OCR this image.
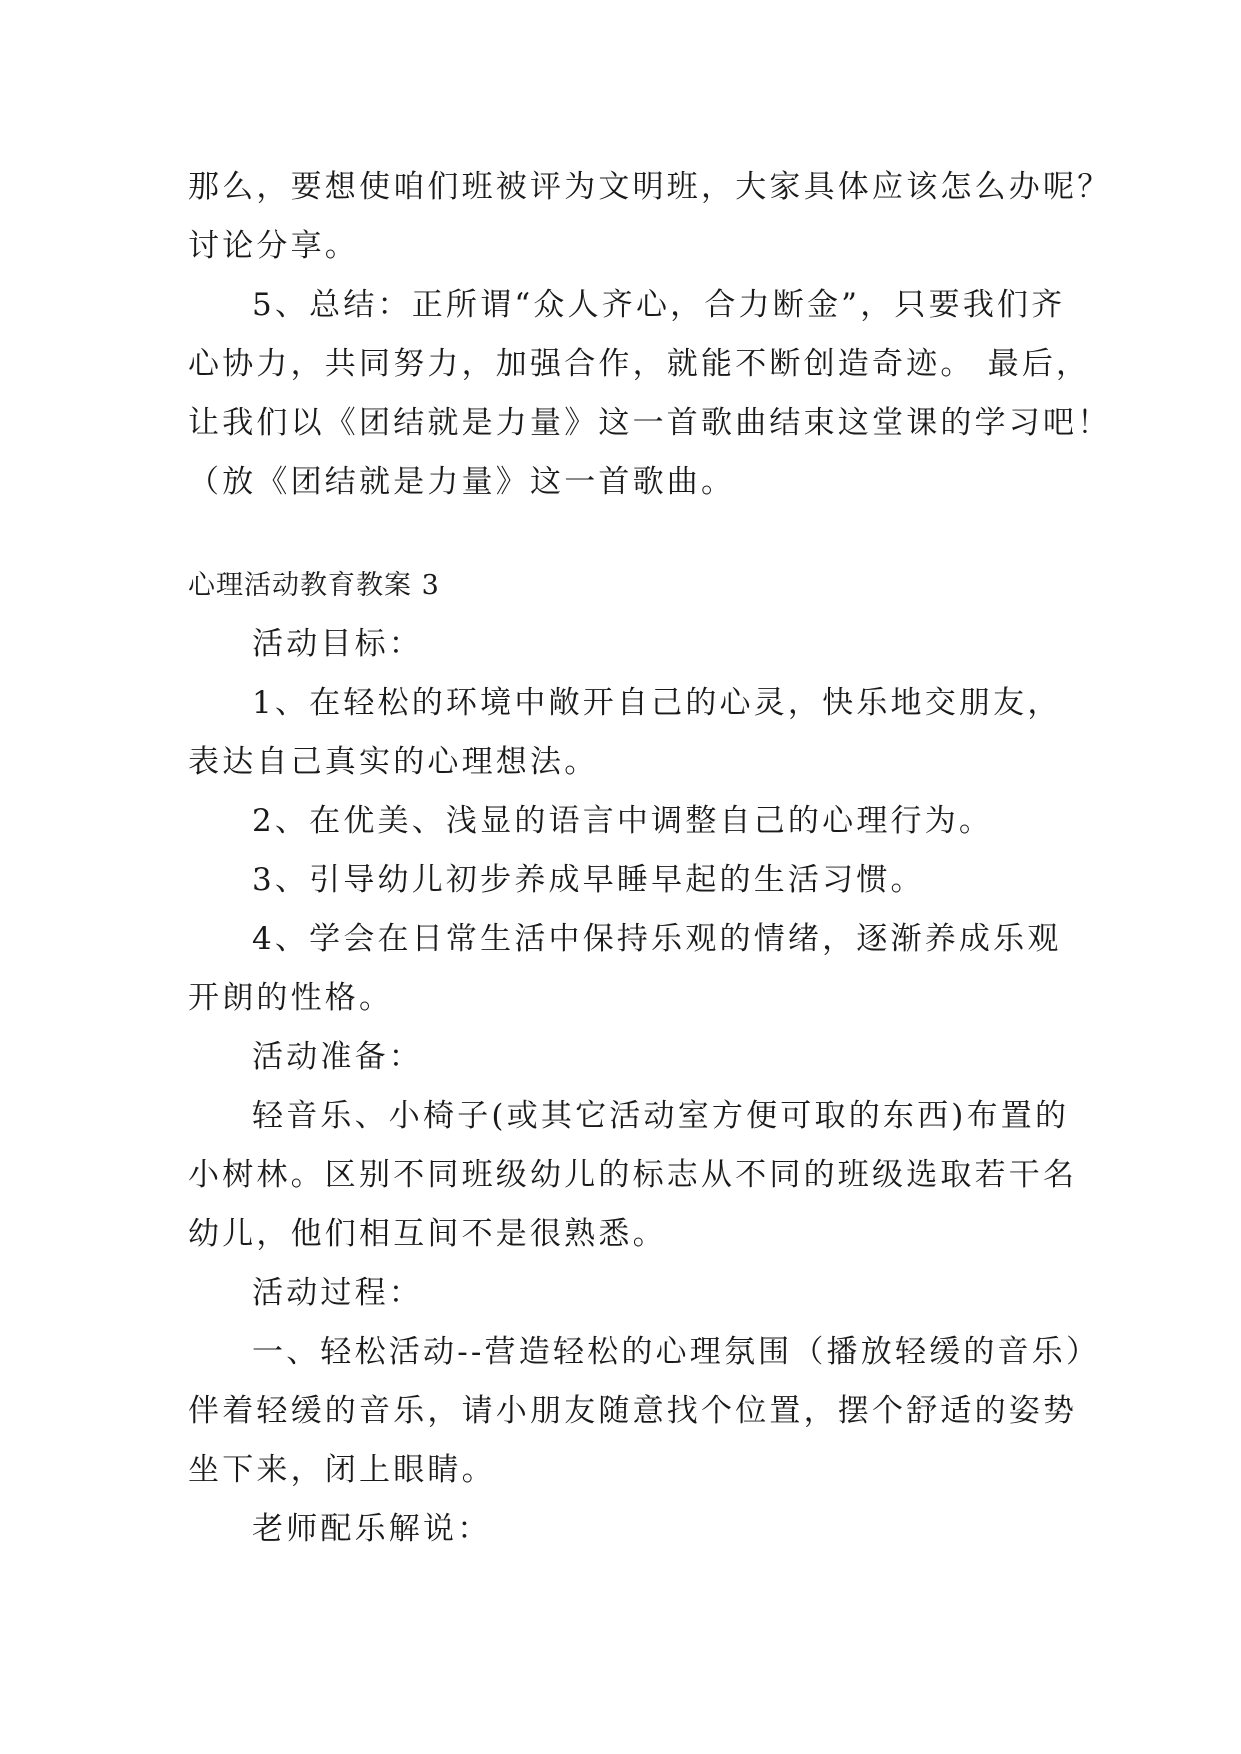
那么，要想使咱们班被评为文明班，大家具体应该怎么办呢？
讨论分享。
5、总结：正所谓“众人齐心，合力断金”，只要我们齐
心协力，共同努力，加强合作，就能不断创造奇迹。 最后，
让我们以《团结就是力量》这一首歌曲结束这堂课的学习吧！
（放《团结就是力量》这一首歌曲。
心理活动教育教案 3
活动目标：
1、在轻松的环境中敞开自己的心灵，快乐地交朋友，
表达自己真实的心理想法。
2、在优美、浅显的语言中调整自己的心理行为。
3、引导幼儿初步养成早睡早起的生活习惯。
4、学会在日常生活中保持乐观的情绪，逐渐养成乐观
开朗的性格。
活动准备：
轻音乐、小椅子(或其它活动室方便可取的东西)布置的
小树林。区别不同班级幼儿的标志从不同的班级选取若干名
幼儿，他们相互间不是很熟悉。
活动过程：
一、轻松活动--营造轻松的心理氛围（播放轻缓的音乐）
伴着轻缓的音乐，请小朋友随意找个位置，摆个舒适的姿势
坐下来，闭上眼睛。
老师配乐解说：
